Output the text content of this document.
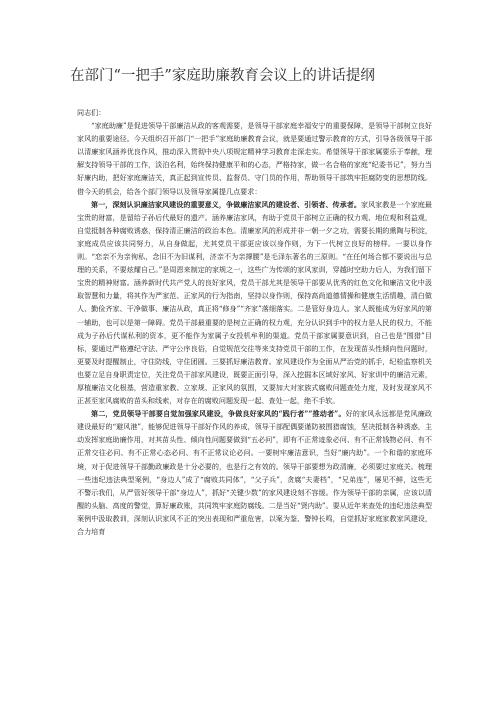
在部门“一把手”家庭助廉教育会议上的讲话提纲

同志们：

“家庭助廉”是促进领导干部廉洁从政的客观需要，是领导干部家庭幸福安宁的重要保障，是领导干部树立良好家风的重要途径。今天组织召开部门“一把手”家庭助廉教育会议，就是要通过警示教育的方式，引导各级领导干部以清廉家风涵养优良作风，推动深入贯彻中央八项规定精神学习教育走深走实。希望领导干部家属要乐于奉献，理解支持领导干部的工作，淡泊名利，始终保持健康平和的心态，严格持家，做一名合格的家庭“纪委书记”，努力当好廉内助，把好家庭廉洁关，真正起到宣传员、监督员、守门员的作用，帮助领导干部筑牢拒腐防变的思想防线。借今天的机会，给各个部门领导以及领导家属提几点要求：

第一，深刻认识廉洁家风建设的重要意义，争做廉洁家风的建设者、引领者、传承者。家风家教是一个家庭最宝贵的财富，是留给子孙后代最好的遗产。涵养廉洁家风，有助于党员干部树立正确的权力观、地位观和利益观，自觉抵制各种腐败诱惑，保持清正廉洁的政治本色。清廉家风的形成并非一朝一夕之功，需要长期的熏陶与积淀，家庭成员应该共同努力，从自身做起，尤其党员干部更应该以身作则，为下一代树立良好的榜样。一要以身作则。“恋亲不为亲徇私，念旧不为旧谋利，济亲不为亲撑腰”是毛泽东著名的三原则。“在任何场合都不要说出与总理的关系，不要炫耀自己。”是周恩来制定的家规之一，这些广为传颂的家风家训，穿越时空助力后人，为我们留下宝贵的精神财富。涵养新时代共产党人的良好家风，党员干部尤其是领导干部要从优秀的红色文化和廉洁文化中汲取智慧和力量，将其作为严家范、正家风的行为指南，坚持以身作则，保持高尚道德情操和健康生活情趣，清白做人、勤俭齐家、干净做事、廉洁从政，真正将“修身”“齐家”落细落实。二是管好身边人。家人既能成为好家风的第一辅助，也可以是第一障碍。党员干部最重要的是树立正确的权力观，充分认识到手中的权力是人民的权力，不能成为子孙后代谋私利的资本，更不能作为家属子女投机牟利的渠道。党员干部家属要意识到，自己也是“围猎”目标，要通过严格遵纪守法、严守公序良俗，自觉规范交往等来支持党员干部的工作，在发现苗头性倾向性问题时，更要及时提醒制止，守住防线，守住团圆。三要抓好廉洁教育。家风建设作为全面从严治党的抓手，纪检监察机关也要立足自身职责定位，关注党员干部家风建设，既要正面引导，深入挖掘本区域好家风、好家训中的廉洁元素，厚植廉洁文化根基，营造重家教、立家规、正家风的氛围，又要加大对家族式腐败问题查处力度，及时发现家风不正甚至家风腐败的苗头和线索，对存在的腐败问题发现一起、查处一起，绝不手软。

第二，党员领导干部要自觉加强家风建设，争做良好家风的“践行者”“推动者”。好的家风永远都是党风廉政建设最好的“避风港”，能够促进领导干部好作风的养成，领导干部配偶要谨防被围猎腐蚀，坚决抵制各种诱惑，主动发挥家庭助廉作用，对其苗头性、倾向性问题要做到“五必问”，即有不正常迹象必问、有不正常钱物必问、有不正常交往必问、有不正常心态必问、有不正常议论必问。一要树牢廉洁意识，当好“廉内助”。一个和谐的家庭环境，对于促进领导干部勤政廉政是十分必要的，也是行之有效的。领导干部要想为政清廉，必须要过家庭关。梳理一些违纪违法典型案例，“身边人”成了“腐败共同体”，“父子兵”，贪腐“夫妻档”，“兄弟连”，屡见不鲜，这些无不警示我们，从严管好领导干部“身边人”，抓好“关键少数”的家风建设刻不容缓。作为领导干部的亲属，应该以清醒的头脑、高度的警觉，算好廉政账，共同筑牢家庭防腐线。二是当好“贤内助”。要从近年来查处的违纪违法典型案例中汲取教训，深刻认识家风不正的突出表现和严重危害，以案为鉴、警钟长鸣，自觉抓好家庭家教家风建设，合力培育
